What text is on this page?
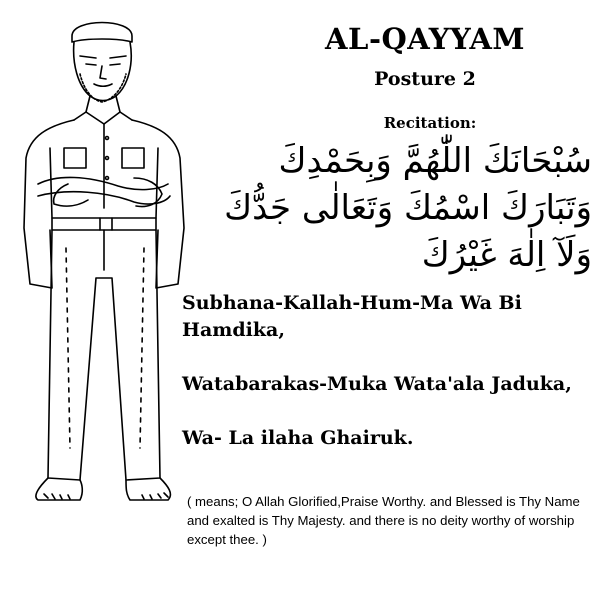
AL-QAYYAM
Posture 2
Recitation:
سُبْحَانَكَ اللّٰهُمَّ وَبِحَمْدِكَ
وَتَبَارَكَ اسْمُكَ وَتَعَالٰى جَدُّكَ
وَلَآ اِلٰهَ غَيْرُكَ

Subhana-Kallah-Hum-Ma Wa Bi Hamdika,

Watabarakas-Muka Wata'ala Jaduka,

Wa- La ilaha Ghairuk.

( means; O Allah Glorified,Praise Worthy. and Blessed is Thy Name and exalted is Thy Majesty. and there is no deity worthy of worship except thee. )
